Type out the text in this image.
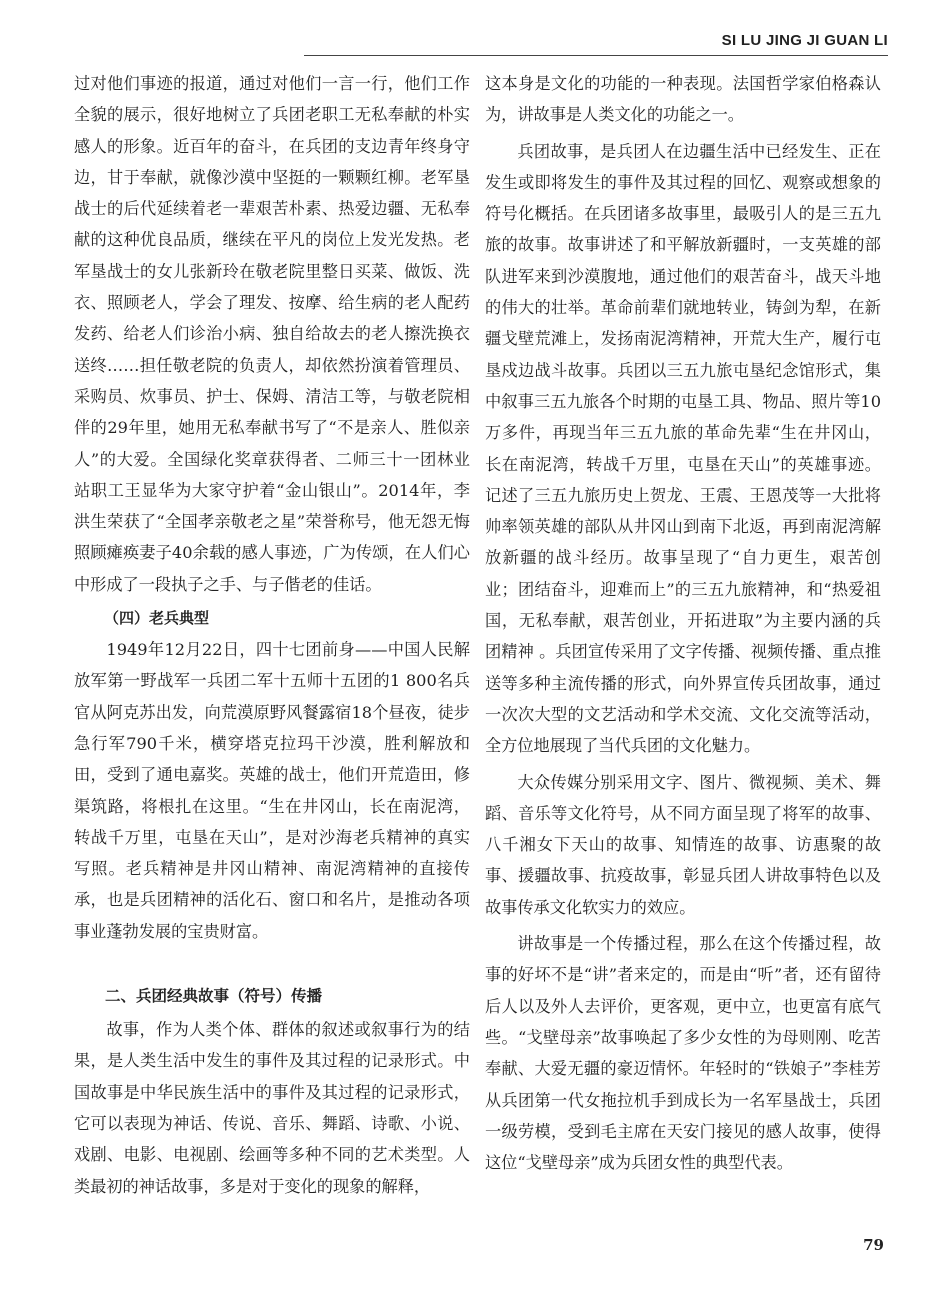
SI LU JING JI GUAN LI

过对他们事迹的报道，通过对他们一言一行，他们工作全貌的展示，很好地树立了兵团老职工无私奉献的朴实感人的形象。近百年的奋斗，在兵团的支边青年终身守边，甘于奉献，就像沙漠中坚挺的一颗颗红柳。老军垦战士的后代延续着老一辈艰苦朴素、热爱边疆、无私奉献的这种优良品质，继续在平凡的岗位上发光发热。老军垦战士的女儿张新玲在敬老院里整日买菜、做饭、洗衣、照顾老人，学会了理发、按摩、给生病的老人配药发药、给老人们诊治小病、独自给故去的老人擦洗换衣送终……担任敬老院的负责人，却依然扮演着管理员、采购员、炊事员、护士、保姆、清洁工等，与敬老院相伴的29年里，她用无私奉献书写了“不是亲人、胜似亲人”的大爱。全国绿化奖章获得者、二师三十一团林业站职工王显华为大家守护着“金山银山”。2014年，李洪生荣获了“全国孝亲敬老之星”荣誉称号，他无怨无悔照顾瘫痪妻子40余载的感人事迹，广为传颂，在人们心中形成了一段执子之手、与子偕老的佳话。

（四）老兵典型

1949年12月22日，四十七团前身——中国人民解放军第一野战军一兵团二军十五师十五团的1 800名兵官从阿克苏出发，向荒漠原野风餐露宿18个昼夜，徒步急行军790千米，横穿塔克拉玛干沙漠，胜利解放和田，受到了通电嘉奖。英雄的战士，他们开荒造田，修渠筑路，将根扎在这里。“生在井冈山，长在南泥湾，转战千万里，屯垦在天山”，是对沙海老兵精神的真实写照。老兵精神是井冈山精神、南泥湾精神的直接传承，也是兵团精神的活化石、窗口和名片，是推动各项事业蓬勃发展的宝贵财富。

二、兵团经典故事（符号）传播

故事，作为人类个体、群体的叙述或叙事行为的结果，是人类生活中发生的事件及其过程的记录形式。中国故事是中华民族生活中的事件及其过程的记录形式，它可以表现为神话、传说、音乐、舞蹈、诗歌、小说、戏剧、电影、电视剧、绘画等多种不同的艺术类型。人类最初的神话故事，多是对于变化的现象的解释，

这本身是文化的功能的一种表现。法国哲学家伯格森认为，讲故事是人类文化的功能之一。

兵团故事，是兵团人在边疆生活中已经发生、正在发生或即将发生的事件及其过程的回忆、观察或想象的符号化概括。在兵团诸多故事里，最吸引人的是三五九旅的故事。故事讲述了和平解放新疆时，一支英雄的部队进军来到沙漠腹地，通过他们的艰苦奋斗，战天斗地的伟大的壮举。革命前辈们就地转业，铸剑为犁，在新疆戈壁荒滩上，发扬南泥湾精神，开荒大生产，履行屯垦戍边战斗故事。兵团以三五九旅屯垦纪念馆形式，集中叙事三五九旅各个时期的屯垦工具、物品、照片等10万多件，再现当年三五九旅的革命先辈“生在井冈山，长在南泥湾，转战千万里，屯垦在天山”的英雄事迹。记述了三五九旅历史上贺龙、王震、王恩茂等一大批将帅率领英雄的部队从井冈山到南下北返，再到南泥湾解放新疆的战斗经历。故事呈现了“自力更生，艰苦创业；团结奋斗，迎难而上”的三五九旅精神，和“热爱祖国，无私奉献，艰苦创业，开拓进取”为主要内涵的兵团精神 。兵团宣传采用了文字传播、视频传播、重点推送等多种主流传播的形式，向外界宣传兵团故事，通过一次次大型的文艺活动和学术交流、文化交流等活动，全方位地展现了当代兵团的文化魅力。

大众传媒分别采用文字、图片、微视频、美术、舞蹈、音乐等文化符号，从不同方面呈现了将军的故事、八千湘女下天山的故事、知情连的故事、访惠聚的故事、援疆故事、抗疫故事，彰显兵团人讲故事特色以及故事传承文化软实力的效应。

讲故事是一个传播过程，那么在这个传播过程，故事的好坏不是“讲”者来定的，而是由“听”者，还有留待后人以及外人去评价，更客观，更中立，也更富有底气些。“戈壁母亲”故事唤起了多少女性的为母则刚、吃苦奉献、大爱无疆的豪迈情怀。年轻时的“铁娘子”李桂芳从兵团第一代女拖拉机手到成长为一名军垦战士，兵团一级劳模，受到毛主席在天安门接见的感人故事，使得这位“戈壁母亲”成为兵团女性的典型代表。

79
